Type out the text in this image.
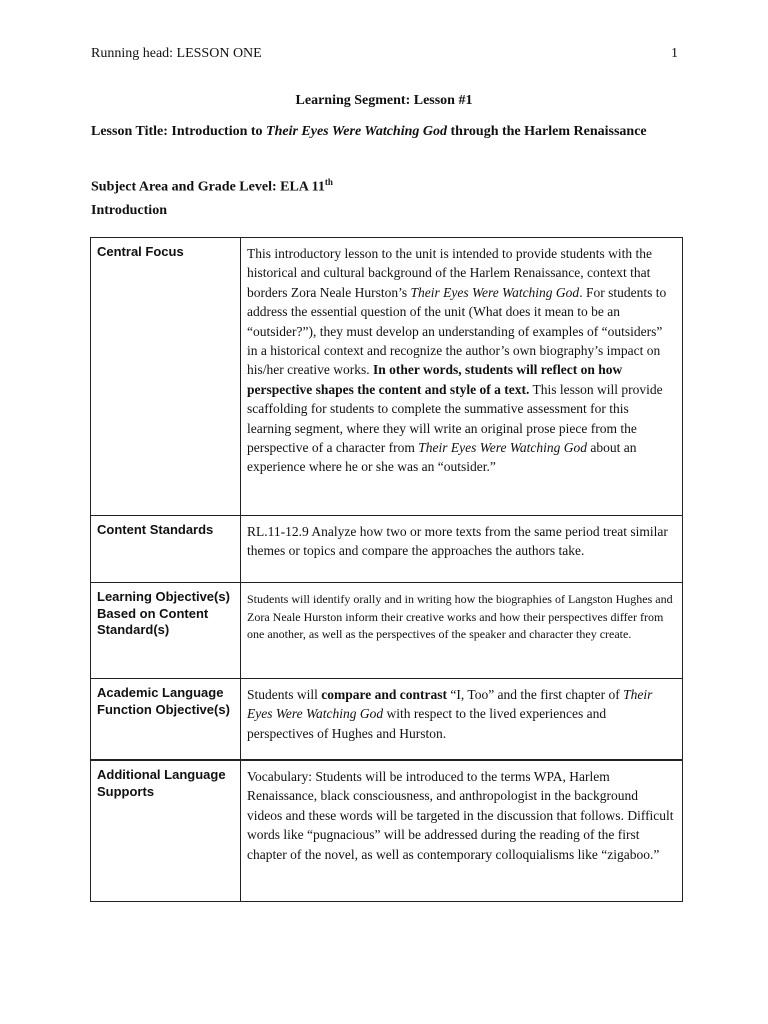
Running head: LESSON ONE	1
Learning Segment: Lesson #1
Lesson Title: Introduction to Their Eyes Were Watching God through the Harlem Renaissance
Subject Area and Grade Level: ELA 11th
Introduction
Central Focus	This introductory lesson to the unit is intended to provide students with the historical and cultural background of the Harlem Renaissance, context that borders Zora Neale Hurston’s Their Eyes Were Watching God. For students to address the essential question of the unit (What does it mean to be an “outsider?”), they must develop an understanding of examples of “outsiders” in a historical context and recognize the author’s own biography’s impact on his/her creative works. In other words, students will reflect on how perspective shapes the content and style of a text. This lesson will provide scaffolding for students to complete the summative assessment for this learning segment, where they will write an original prose piece from the perspective of a character from Their Eyes Were Watching God about an experience where he or she was an “outsider.”
Content Standards	RL.11-12.9 Analyze how two or more texts from the same period treat similar themes or topics and compare the approaches the authors take.
Learning Objective(s) Based on Content Standard(s)	Students will identify orally and in writing how the biographies of Langston Hughes and Zora Neale Hurston inform their creative works and how their perspectives differ from one another, as well as the perspectives of the speaker and character they create.
Academic Language Function Objective(s)	Students will compare and contrast “I, Too” and the first chapter of Their Eyes Were Watching God with respect to the lived experiences and perspectives of Hughes and Hurston.
Additional Language Supports	Vocabulary: Students will be introduced to the terms WPA, Harlem Renaissance, black consciousness, and anthropologist in the background videos and these words will be targeted in the discussion that follows. Difficult words like “pugnacious” will be addressed during the reading of the first chapter of the novel, as well as contemporary colloquialisms like “zigaboo.”
